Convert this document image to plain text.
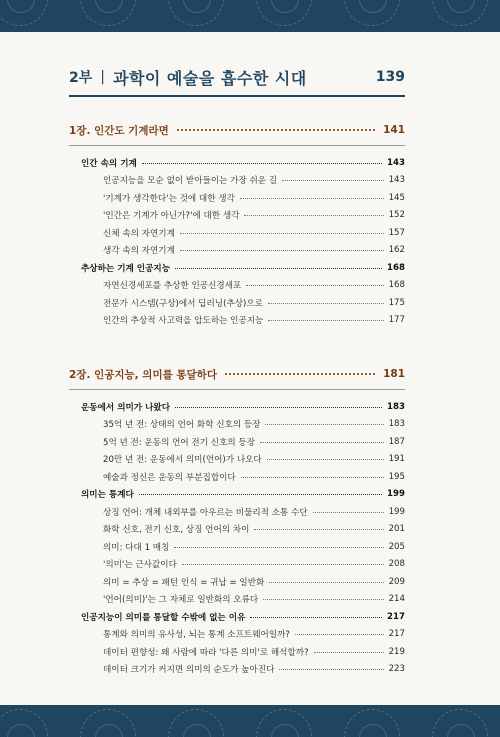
2부 | 과학이 예술을 흡수한 시대	139
1장. 인간도 기계라면	141
인간 속의 기계	143
인공지능을 모순 없이 받아들이는 가장 쉬운 길	143
'기계가 생각한다'는 것에 대한 생각	145
'인간은 기계가 아닌가?'에 대한 생각	152
신체 속의 자연기계	157
생각 속의 자연기계	162
추상하는 기계 인공지능	168
자연신경세포를 추상한 인공신경세포	168
전문가 시스템(구상)에서 딥러닝(추상)으로	175
인간의 추상적 사고력을 압도하는 인공지능	177
2장. 인공지능, 의미를 통달하다	181
운동에서 의미가 나왔다	183
35억 년 전: 상태의 언어 화학 신호의 등장	183
5억 년 전: 운동의 언어 전기 신호의 등장	187
20만 년 전: 운동에서 의미(언어)가 나오다	191
예술과 정신은 운동의 부분집합이다	195
의미는 통계다	199
상징 언어: 개체 내외부를 아우르는 비물리적 소통 수단	199
화학 신호, 전기 신호, 상징 언어의 차이	201
의미: 다대 1 매칭	205
'의미'는 근사값이다	208
의미 = 추상 = 패턴 인식 = 귀납 = 일반화	209
'언어(의미)'는 그 자체로 일반화의 오류다	214
인공지능이 의미를 통달할 수밖에 없는 이유	217
통계와 의미의 유사성, 뇌는 통계 소프트웨어일까?	217
데이터 편향성: 왜 사람에 따라 '다른 의미'로 해석할까?	219
데이터 크기가 커지면 의미의 순도가 높아진다	223
